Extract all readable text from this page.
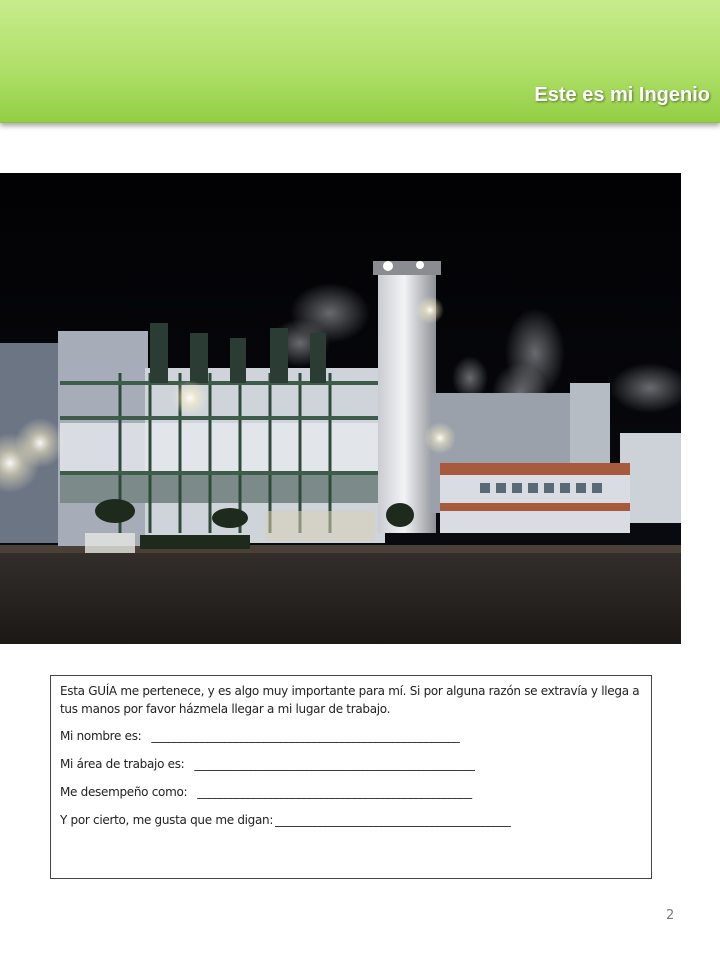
Este es mi Ingenio
Esta GUÍA me pertenece, y es algo muy importante para mí. Si por alguna razón se extravía y llega a tus manos por favor házmela llegar a mi lugar de trabajo.
Mi nombre es: _______________________________________________________
Mi área de trabajo es: __________________________________________________
Me desempeño como: _________________________________________________
Y por cierto, me gusta que me digan: __________________________________________
2
